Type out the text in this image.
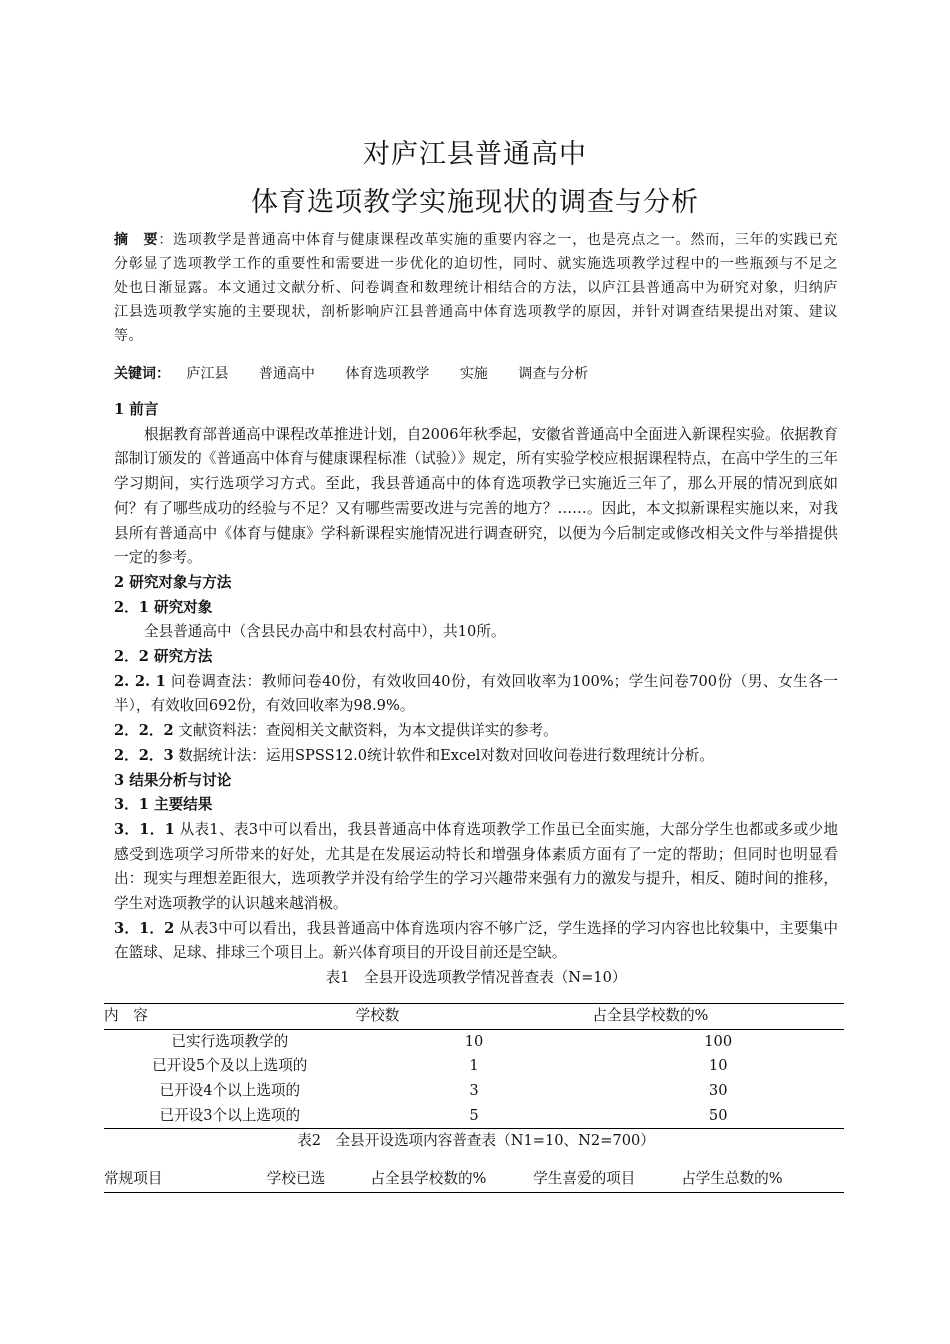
对庐江县普通高中
体育选项教学实施现状的调查与分析
摘　要：选项教学是普通高中体育与健康课程改革实施的重要内容之一，也是亮点之一。然而，三年的实践已充分彰显了选项教学工作的重要性和需要进一步优化的迫切性，同时、就实施选项教学过程中的一些瓶颈与不足之处也日渐显露。本文通过文献分析、问卷调查和数理统计相结合的方法，以庐江县普通高中为研究对象，归纳庐江县选项教学实施的主要现状，剖析影响庐江县普通高中体育选项教学的原因，并针对调查结果提出对策、建议等。
关键词： 庐江县 普通高中 体育选项教学 实施 调查与分析

1 前言

根据教育部普通高中课程改革推进计划，自2006年秋季起，安徽省普通高中全面进入新课程实验。依据教育部制订颁发的《普通高中体育与健康课程标准（试验）》规定，所有实验学校应根据课程特点，在高中学生的三年学习期间，实行选项学习方式。至此，我县普通高中的体育选项教学已实施近三年了，那么开展的情况到底如何？有了哪些成功的经验与不足？又有哪些需要改进与完善的地方？……。因此，本文拟新课程实施以来，对我县所有普通高中《体育与健康》学科新课程实施情况进行调查研究，以便为今后制定或修改相关文件与举措提供一定的参考。

2 研究对象与方法

2．1 研究对象

全县普通高中（含县民办高中和县农村高中），共10所。

2．2 研究方法

2. 2. 1 问卷调查法：教师问卷40份，有效收回40份，有效回收率为100%；学生问卷700份（男、女生各一半），有效收回692份，有效回收率为98.9%。

2．2．2 文献资料法：查阅相关文献资料，为本文提供详实的参考。

2．2．3 数据统计法：运用SPSS12.0统计软件和Excel对数对回收问卷进行数理统计分析。

3 结果分析与讨论

3．1 主要结果

3．1．1 从表1、表3中可以看出，我县普通高中体育选项教学工作虽已全面实施，大部分学生也都或多或少地感受到选项学习所带来的好处，尤其是在发展运动特长和增强身体素质方面有了一定的帮助；但同时也明显看出：现实与理想差距很大，选项教学并没有给学生的学习兴趣带来强有力的激发与提升，相反、随时间的推移，学生对选项教学的认识越来越消极。

3．1．2 从表3中可以看出，我县普通高中体育选项内容不够广泛，学生选择的学习内容也比较集中，主要集中在篮球、足球、排球三个项目上。新兴体育项目的开设目前还是空缺。

表1　全县开设选项教学情况普查表（N=10）

内　容	学校数	占全县学校数的%
已实行选项教学的	10	100
已开设5个及以上选项的	1	10
已开设4个以上选项的	3	30
已开设3个以上选项的	5	50

表2　全县开设选项内容普查表（N1=10、N2=700）

常规项目	学校已选	占全县学校数的%	学生喜爱的项目	占学生总数的%
